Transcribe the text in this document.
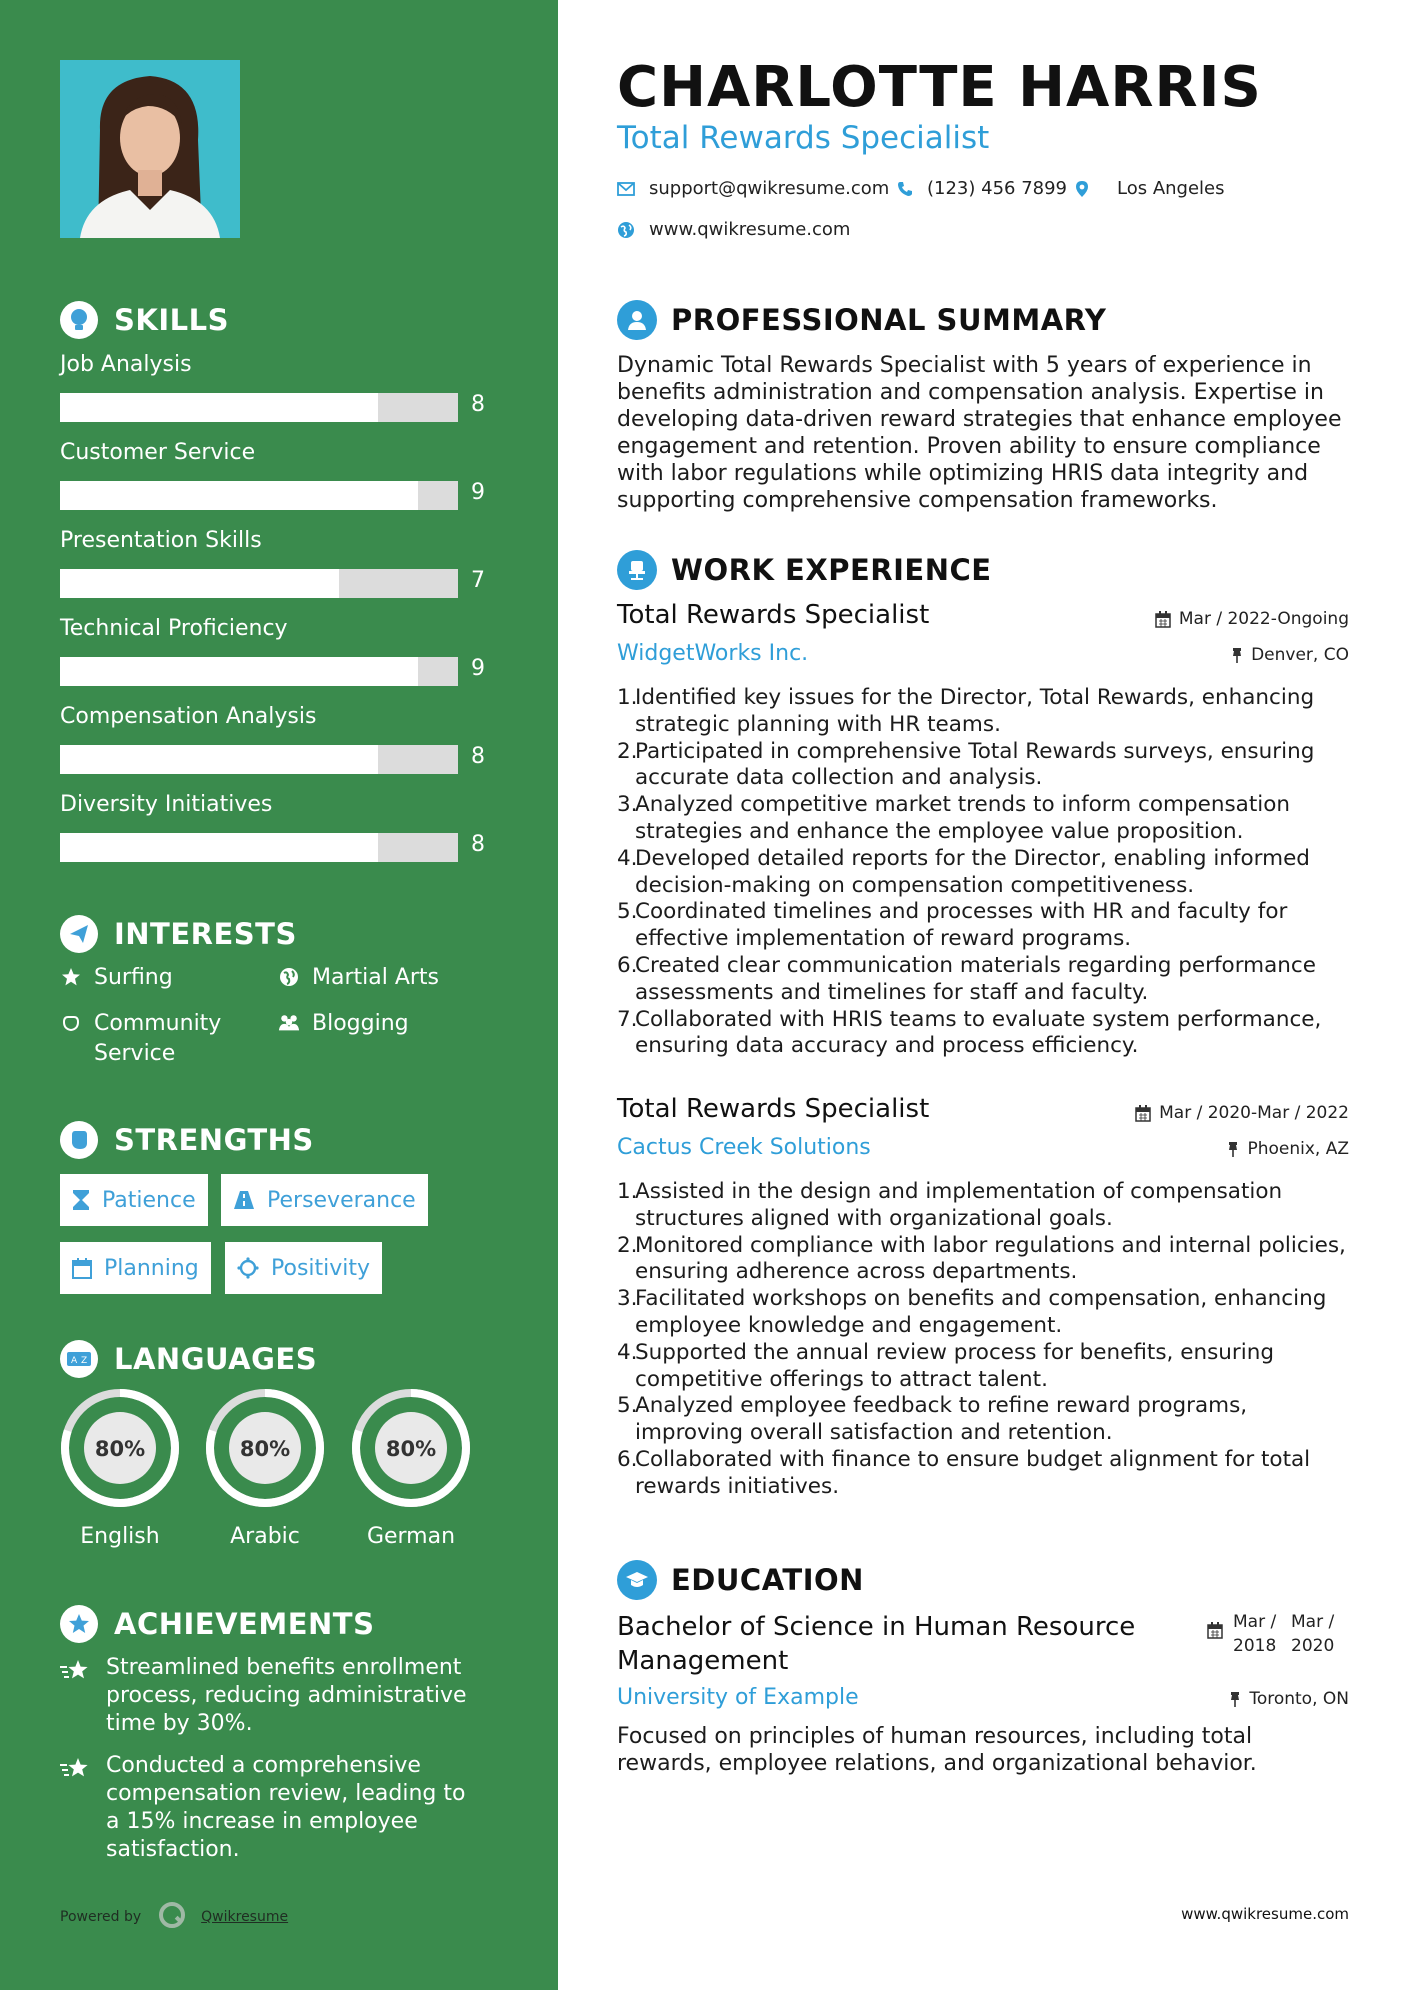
SKILLS
Job Analysis
8
Customer Service
9
Presentation Skills
7
Technical Proficiency
9
Compensation Analysis
8
Diversity Initiatives
8
INTERESTS
Surfing	Martial Arts
Community
Service
Blogging
STRENGTHS
Patience	Perseverance
Planning	Positivity
A Z LANGUAGES
80%
English
80%
Arabic
80%
German
ACHIEVEMENTS
Streamlined benefits enrollment process, reducing administrative time by 30%.
Conducted a comprehensive compensation review, leading to a 15% increase in employee satisfaction.
Powered by	Qwikresume
CHARLOTTE HARRIS
Total Rewards Specialist
support@qwikresume.com (123) 456 7899	Los Angeles
www.qwikresume.com
PROFESSIONAL SUMMARY
Dynamic Total Rewards Specialist with 5 years of experience in benefits administration and compensation analysis. Expertise in developing data-driven reward strategies that enhance employee engagement and retention. Proven ability to ensure compliance with labor regulations while optimizing HRIS data integrity and supporting comprehensive compensation frameworks.
WORK EXPERIENCE
Total Rewards Specialist	Mar / 2022-Ongoing
WidgetWorks Inc.	Denver, CO
1.
Identified key issues for the Director, Total Rewards, enhancing strategic planning with HR teams.
2.
Participated in comprehensive Total Rewards surveys, ensuring accurate data collection and analysis.
3.
Analyzed competitive market trends to inform compensation strategies and enhance the employee value proposition.
4.
Developed detailed reports for the Director, enabling informed decision-making on compensation competitiveness.
5.
Coordinated timelines and processes with HR and faculty for effective implementation of reward programs.
6.
Created clear communication materials regarding performance assessments and timelines for staff and faculty.
7.
Collaborated with HRIS teams to evaluate system performance, ensuring data accuracy and process efficiency.
Total Rewards Specialist	Mar / 2020-Mar / 2022
Cactus Creek Solutions	Phoenix, AZ
1.
Assisted in the design and implementation of compensation structures aligned with organizational goals.
2.
Monitored compliance with labor regulations and internal policies, ensuring adherence across departments.
3.
Facilitated workshops on benefits and compensation, enhancing employee knowledge and engagement.
4.
Supported the annual review process for benefits, ensuring competitive offerings to attract talent.
5.
Analyzed employee feedback to refine reward programs, improving overall satisfaction and retention.
6.
Collaborated with finance to ensure budget alignment for total rewards initiatives.
EDUCATION
Bachelor of Science in Human Resource Management
Mar / 2018
Mar / 2020
University of Example	Toronto, ON
Focused on principles of human resources, including total rewards, employee relations, and organizational behavior.
www.qwikresume.com
